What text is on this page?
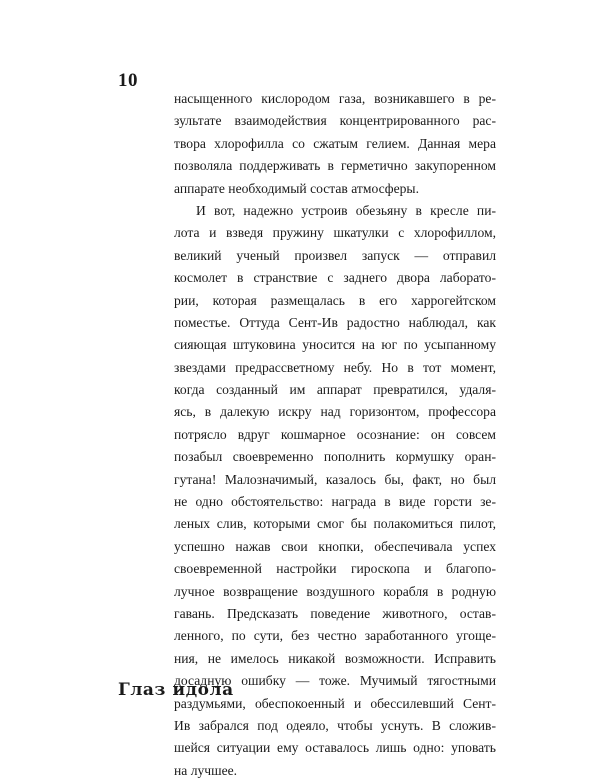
10
насыщенного кислородом газа, возникавшего в ре-
зультате взаимодействия концентрированного рас-
твора хлорофилла со сжатым гелием. Данная мера
позволяла поддерживать в герметично закупоренном
аппарате необходимый состав атмосферы.
И вот, надежно устроив обезьяну в кресле пи-
лота и взведя пружину шкатулки с хлорофиллом,
великий ученый произвел запуск — отправил
космолет в странствие с заднего двора лаборато-
рии, которая размещалась в его харрогейтском
поместье. Оттуда Сент-Ив радостно наблюдал, как
сияющая штуковина уносится на юг по усыпанному
звездами предрассветному небу. Но в тот момент,
когда созданный им аппарат превратился, удаля-
ясь, в далекую искру над горизонтом, профессора
потрясло вдруг кошмарное осознание: он совсем
позабыл своевременно пополнить кормушку оран-
гутана! Малозначимый, казалось бы, факт, но был
не одно обстоятельство: награда в виде горсти зе-
леных слив, которыми смог бы полакомиться пилот,
успешно нажав свои кнопки, обеспечивала успех
своевременной настройки гироскопа и благопо-
лучное возвращение воздушного корабля в родную
гавань. Предсказать поведение животного, остав-
ленного, по сути, без честно заработанного угоще-
ния, не имелось никакой возможности. Исправить
досадную ошибку — тоже. Мучимый тягостными
раздумьями, обеспокоенный и обессилевший Сент-
Ив забрался под одеяло, чтобы уснуть. В сложив-
шейся ситуации ему оставалось лишь одно: уповать
на лучшее.
Глаз идола
